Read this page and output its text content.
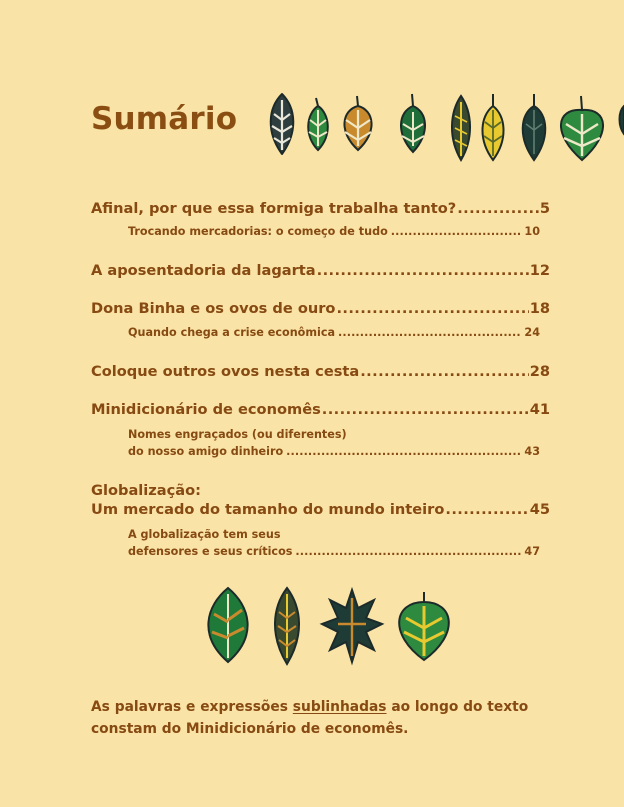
Sumário
Afinal, por que essa formiga trabalha tanto? .....	5
Trocando mercadorias: o começo de tudo .....	10
A aposentadoria da lagarta .....	12
Dona Binha e os ovos de ouro .....	18
Quando chega a crise econômica .....	24
Coloque outros ovos nesta cesta .....	28
Minidicionário de economês .....	41
Nomes engraçados (ou diferentes)
do nosso amigo dinheiro .....	43
Globalização:
Um mercado do tamanho do mundo inteiro .....	45
A globalização tem seus
defensores e seus críticos .....	47
As palavras e expressões sublinhadas ao longo do texto constam do Minidicionário de economês.
